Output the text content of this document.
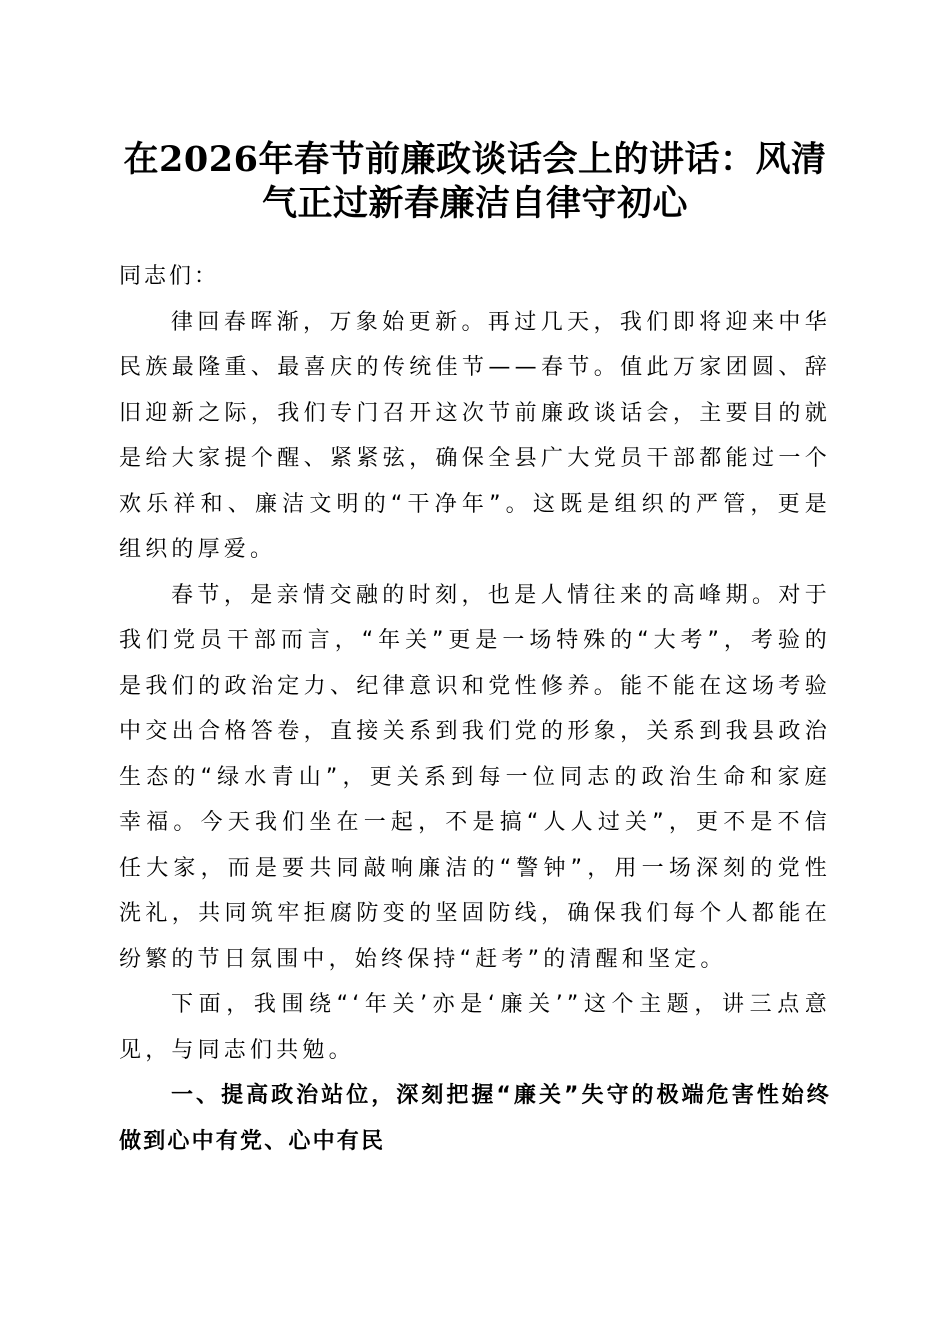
在2026年春节前廉政谈话会上的讲话：风清
气正过新春廉洁自律守初心

同志们：

律回春晖渐，万象始更新。再过几天，我们即将迎来中华民族最隆重、最喜庆的传统佳节——春节。值此万家团圆、辞旧迎新之际，我们专门召开这次节前廉政谈话会，主要目的就是给大家提个醒、紧紧弦，确保全县广大党员干部都能过一个欢乐祥和、廉洁文明的“干净年”。这既是组织的严管，更是组织的厚爱。

春节，是亲情交融的时刻，也是人情往来的高峰期。对于我们党员干部而言，“年关”更是一场特殊的“大考”，考验的是我们的政治定力、纪律意识和党性修养。能不能在这场考验中交出合格答卷，直接关系到我们党的形象，关系到我县政治生态的“绿水青山”，更关系到每一位同志的政治生命和家庭幸福。今天我们坐在一起，不是搞“人人过关”，更不是不信任大家，而是要共同敲响廉洁的“警钟”，用一场深刻的党性洗礼，共同筑牢拒腐防变的坚固防线，确保我们每个人都能在纷繁的节日氛围中，始终保持“赶考”的清醒和坚定。

下面，我围绕“‘年关’亦是‘廉关’”这个主题，讲三点意见，与同志们共勉。

一、提高政治站位，深刻把握“廉关”失守的极端危害性始终做到心中有党、心中有民
